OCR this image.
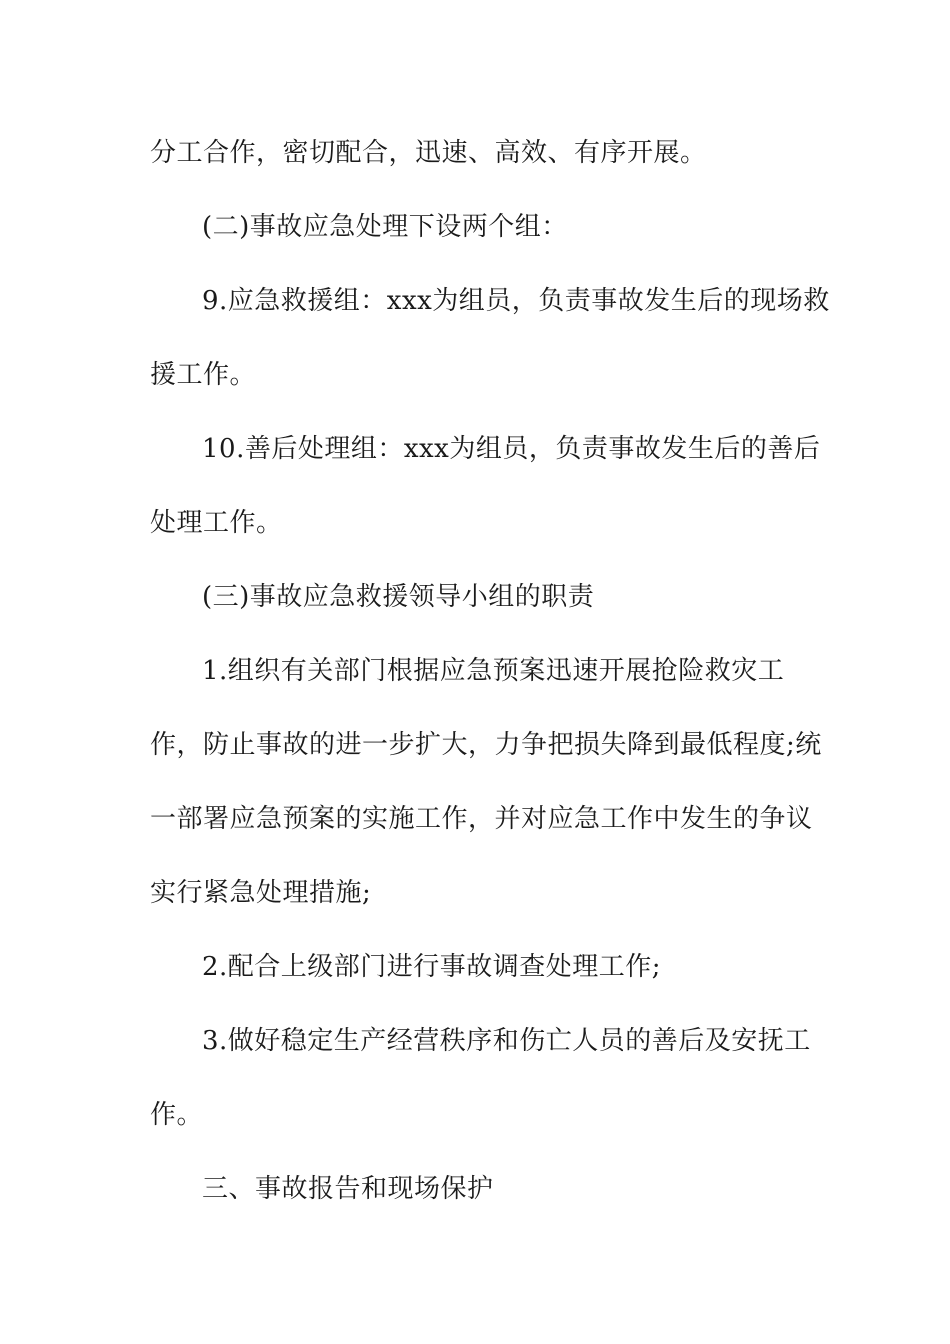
分工合作，密切配合，迅速、高效、有序开展。
(二)事故应急处理下设两个组：
9.应急救援组：xxx为组员，负责事故发生后的现场救
援工作。
10.善后处理组：xxx为组员，负责事故发生后的善后
处理工作。
(三)事故应急救援领导小组的职责
1.组织有关部门根据应急预案迅速开展抢险救灾工
作，防止事故的进一步扩大，力争把损失降到最低程度;统
一部署应急预案的实施工作，并对应急工作中发生的争议
实行紧急处理措施;
2.配合上级部门进行事故调查处理工作;
3.做好稳定生产经营秩序和伤亡人员的善后及安抚工
作。
三、事故报告和现场保护
